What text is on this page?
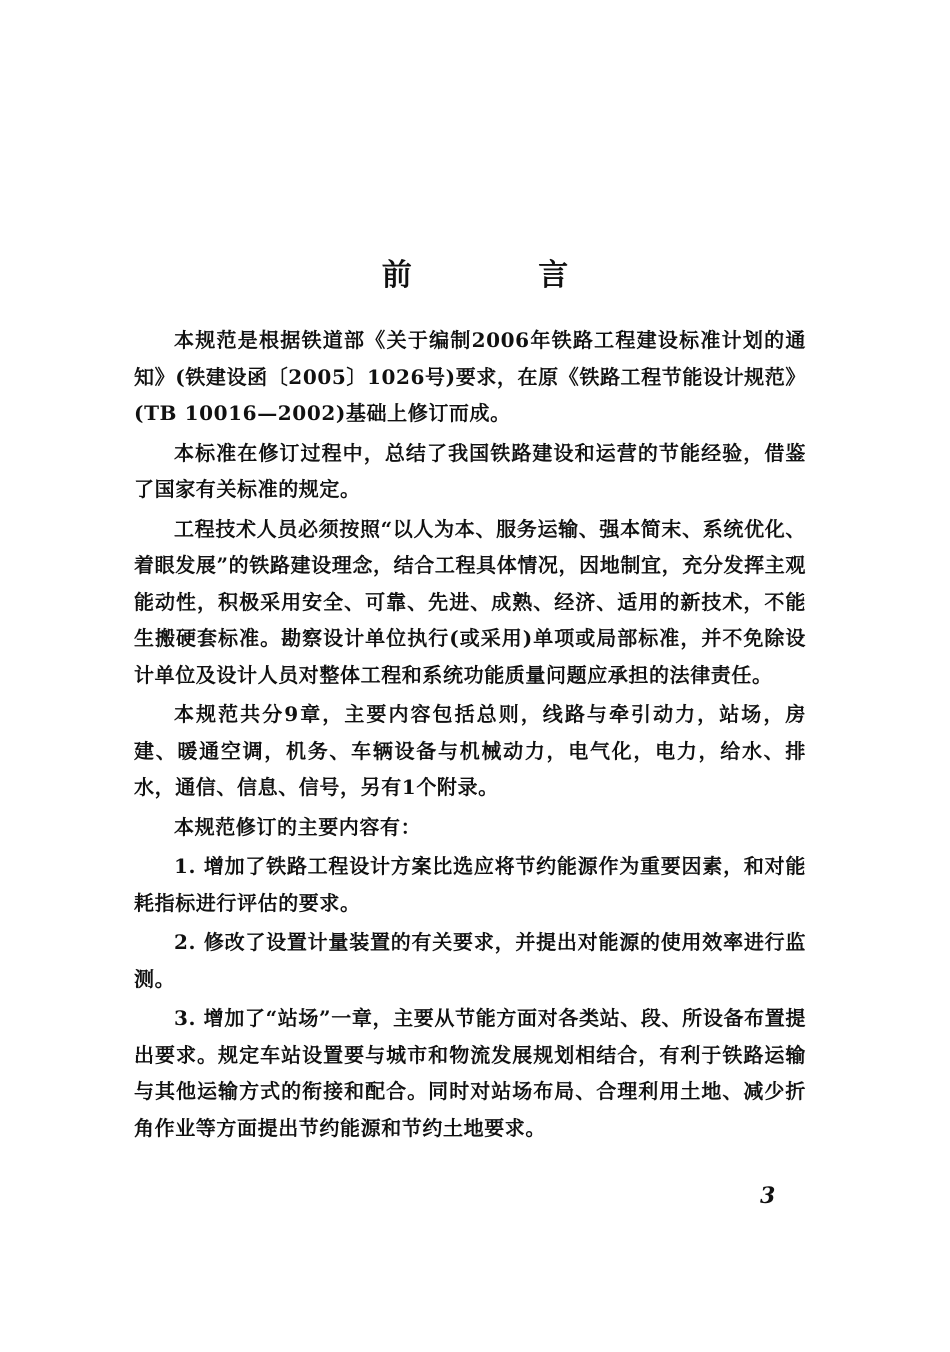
前 言

本规范是根据铁道部《关于编制2006年铁路工程建设标准计划的通知》(铁建设函〔2005〕1026号)要求，在原《铁路工程节能设计规范》(TB 10016—2002)基础上修订而成。

本标准在修订过程中，总结了我国铁路建设和运营的节能经验，借鉴了国家有关标准的规定。

工程技术人员必须按照“以人为本、服务运输、强本简末、系统优化、着眼发展”的铁路建设理念，结合工程具体情况，因地制宜，充分发挥主观能动性，积极采用安全、可靠、先进、成熟、经济、适用的新技术，不能生搬硬套标准。勘察设计单位执行(或采用)单项或局部标准，并不免除设计单位及设计人员对整体工程和系统功能质量问题应承担的法律责任。

本规范共分9章，主要内容包括总则，线路与牵引动力，站场，房建、暖通空调，机务、车辆设备与机械动力，电气化，电力，给水、排水，通信、信息、信号，另有1个附录。

本规范修订的主要内容有：

1. 增加了铁路工程设计方案比选应将节约能源作为重要因素，和对能耗指标进行评估的要求。

2. 修改了设置计量装置的有关要求，并提出对能源的使用效率进行监测。

3. 增加了“站场”一章，主要从节能方面对各类站、段、所设备布置提出要求。规定车站设置要与城市和物流发展规划相结合，有利于铁路运输与其他运输方式的衔接和配合。同时对站场布局、合理利用土地、减少折角作业等方面提出节约能源和节约土地要求。

3
